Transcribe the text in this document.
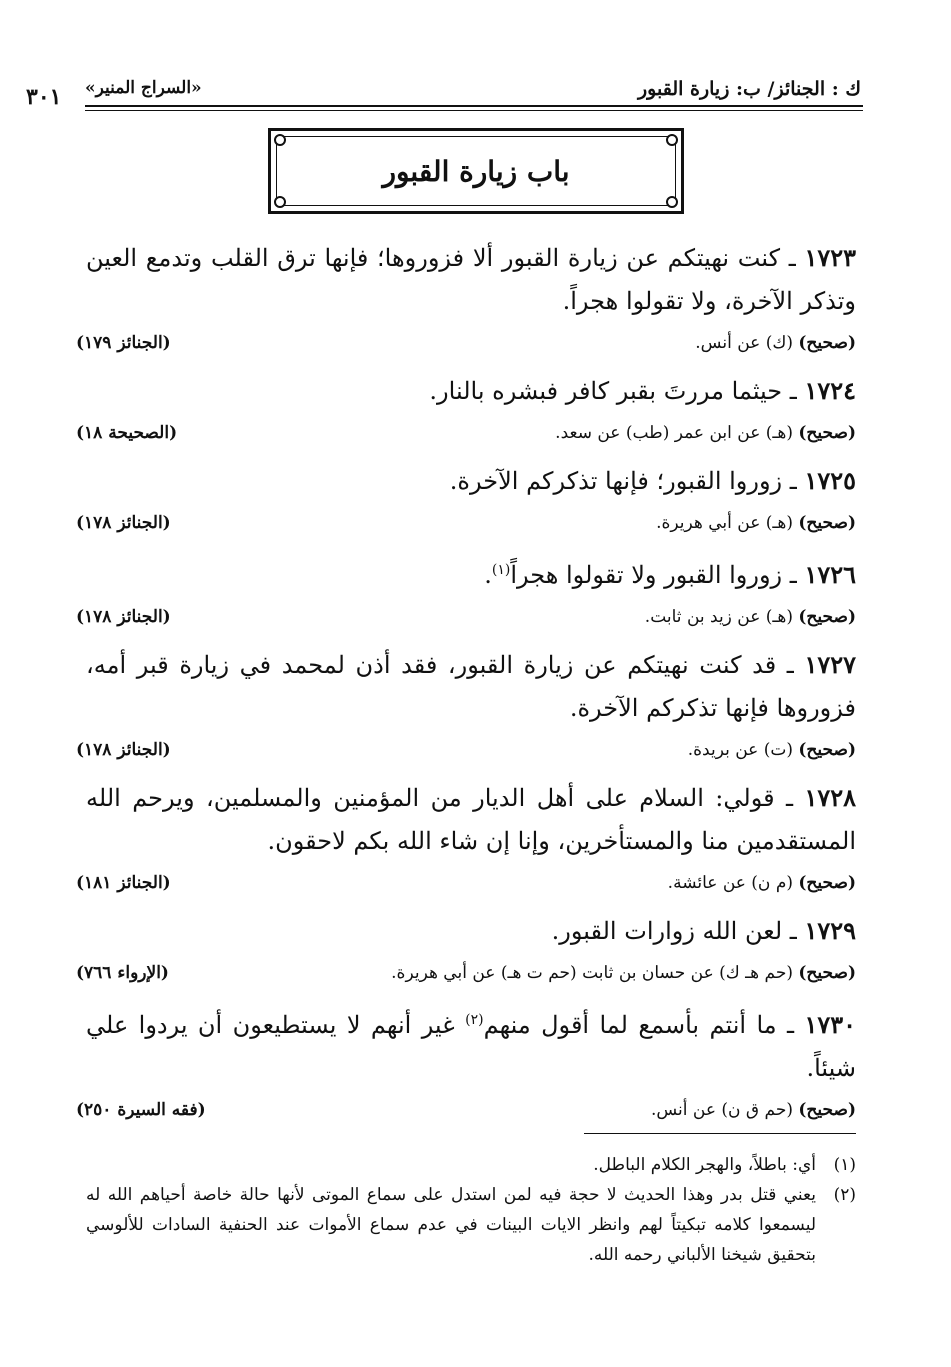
ك : الجنائز/ ب: زيارة القبور
«السراج المنير»
٣٠١
باب زيارة القبور

١٧٢٣ ـ كنت نهيتكم عن زيارة القبور ألا فزوروها؛ فإنها ترق القلب وتدمع العين وتذكر الآخرة، ولا تقولوا هجراً.

(صحيح) (ك) عن أنس.
(الجنائز ١٧٩)

١٧٢٤ ـ حيثما مررتَ بقبر كافر فبشره بالنار.

(صحيح) (هـ) عن ابن عمر (طب) عن سعد.
(الصحيحة ١٨)

١٧٢٥ ـ زوروا القبور؛ فإنها تذكركم الآخرة.

(صحيح) (هـ) عن أبي هريرة.
(الجنائز ١٧٨)

١٧٢٦ ـ زوروا القبور ولا تقولوا هجراً$^{(١)}$.

(صحيح) (هـ) عن زيد بن ثابت.
(الجنائز ١٧٨)

١٧٢٧ ـ قد كنت نهيتكم عن زيارة القبور، فقد أذن لمحمد في زيارة قبر أمه، فزوروها فإنها تذكركم الآخرة.

(صحيح) (ت) عن بريدة.
(الجنائز ١٧٨)

١٧٢٨ ـ قولي: السلام على أهل الديار من المؤمنين والمسلمين، ويرحم الله المستقدمين منا والمستأخرين، وإنا إن شاء الله بكم لاحقون.

(صحيح) (م ن) عن عائشة.
(الجنائز ١٨١)

١٧٢٩ ـ لعن الله زوارات القبور.

(صحيح) (حم هـ ك) عن حسان بن ثابت (حم ت هـ) عن أبي هريرة.
(الإرواء ٧٦٦)

١٧٣٠ ـ ما أنتم بأسمع لما أقول منهم$^{(٢)}$ غير أنهم لا يستطيعون أن يردوا علي شيئاً.

(صحيح) (حم ق ن) عن أنس.
(فقه السيرة ٢٥٠)

(١)
أي: باطلاً، والهجر الكلام الباطل.

(٢)
يعني قتل بدر وهذا الحديث لا حجة فيه لمن استدل على سماع الموتى لأنها حالة خاصة أحياهم الله له ليسمعوا كلامه تبكيتاً لهم وانظر الايات البينات في عدم سماع الأموات عند الحنفية السادات للألوسي بتحقيق شيخنا الألباني رحمه الله.
